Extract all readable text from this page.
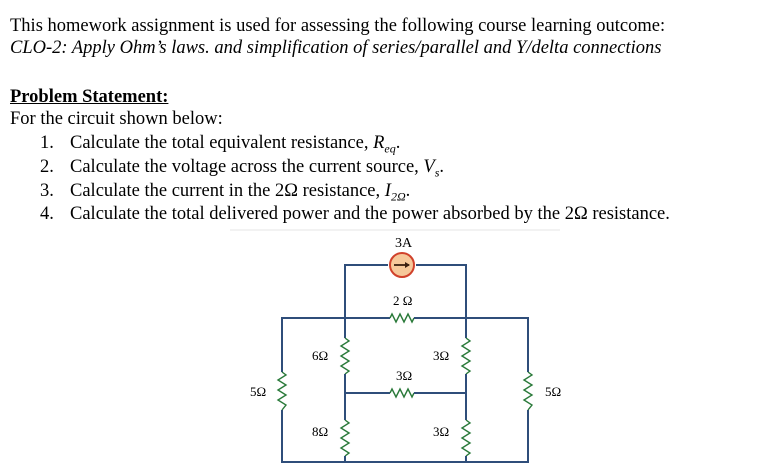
This homework assignment is used for assessing the following course learning outcome:
CLO-2: Apply Ohm’s laws. and simplification of series/parallel and Y/delta connections
Problem Statement:
For the circuit shown below:
1. Calculate the total equivalent resistance, $R_{eq}$.
2. Calculate the voltage across the current source, $V_s$.
3. Calculate the current in the 2Ω resistance, $I_{2\Omega}$.
4. Calculate the total delivered power and the power absorbed by the 2Ω resistance.
3A
2 Ω
5Ω
6Ω
8Ω
3Ω
3Ω
3Ω
5Ω
